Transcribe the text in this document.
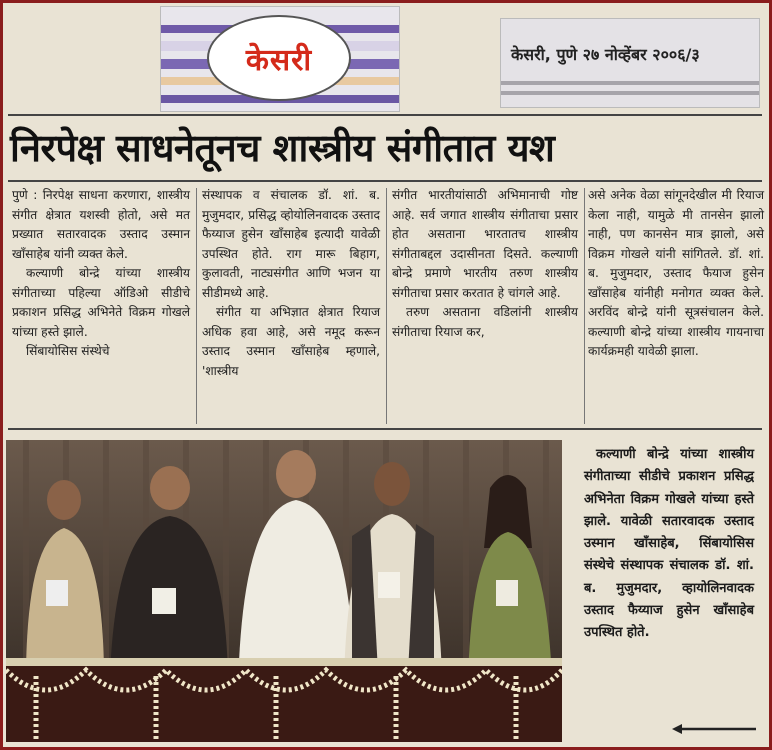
केसरी	केसरी, पुणे २७ नोव्हेंबर २००६/३
निरपेक्ष साधनेतूनच शास्त्रीय संगीतात यश

पुणे : निरपेक्ष साधना करणारा, शास्त्रीय संगीत क्षेत्रात यशस्वी होतो, असे मत प्रख्यात सतारवादक उस्ताद उस्मान खाँसाहेब यांनी व्यक्त केले.

कल्याणी बोन्द्रे यांच्या शास्त्रीय संगीताच्या पहिल्या ऑडिओ सीडीचे प्रकाशन प्रसिद्ध अभिनेते विक्रम गोखले यांच्या हस्ते झाले.

सिंबायोसिस संस्थेचे

संस्थापक व संचालक डॉ. शां. ब. मुजुमदार, प्रसिद्ध व्होयोलिनवादक उस्ताद फैय्याज हुसेन खाँसाहेब इत्यादी यावेळी उपस्थित होते. राग मारू बिहाग, कुलावती, नाट्यसंगीत आणि भजन या सीडीमध्ये आहे.

संगीत या अभिज्ञात क्षेत्रात रियाज अधिक हवा आहे, असे नमूद करून उस्ताद उस्मान खाँसाहेब म्हणाले, 'शास्त्रीय

संगीत भारतीयांसाठी अभिमानाची गोष्ट आहे. सर्व जगात शास्त्रीय संगीताचा प्रसार होत असताना भारतातच शास्त्रीय संगीताबद्दल उदासीनता दिसते. कल्याणी बोन्द्रे प्रमाणे भारतीय तरुण शास्त्रीय संगीताचा प्रसार करतात हे चांगले आहे.

तरुण असताना वडिलांनी शास्त्रीय संगीताचा रियाज कर,

असे अनेक वेळा सांगूनदेखील मी रियाज केला नाही, यामुळे मी तानसेन झालो नाही, पण कानसेन मात्र झालो, असे विक्रम गोखले यांनी सांगितले. डॉ. शां. ब. मुजुमदार, उस्ताद फैयाज हुसेन खाँसाहेब यांनीही मनोगत व्यक्त केले. अरविंद बोन्द्रे यांनी सूत्रसंचालन केले. कल्याणी बोन्द्रे यांच्या शास्त्रीय गायनाचा कार्यक्रमही यावेळी झाला.

कल्याणी बोन्द्रे यांच्या शास्त्रीय संगीताच्या सीडीचे प्रकाशन प्रसिद्ध अभिनेता विक्रम गोखले यांच्या हस्ते झाले. यावेळी सतारवादक उस्ताद उस्मान खाँसाहेब, सिंबायोसिस संस्थेचे संस्थापक संचालक डॉ. शां. ब. मुजुमदार, व्हायोलिनवादक उस्ताद फैय्याज हुसेन खाँसाहेब उपस्थित होते.
